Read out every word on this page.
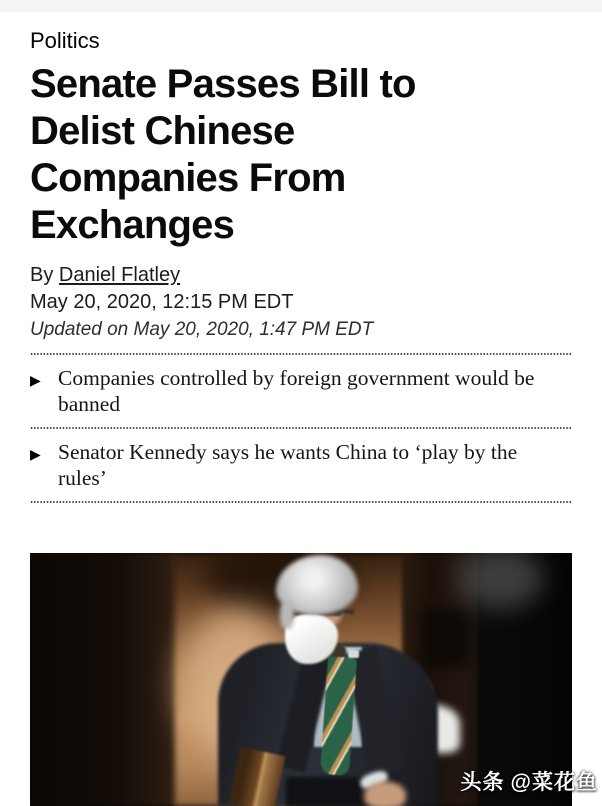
Politics
Senate Passes Bill to
Delist Chinese
Companies From
Exchanges
By Daniel Flatley
May 20, 2020, 12:15 PM EDT
Updated on May 20, 2020, 1:47 PM EDT
▶ Companies controlled by foreign government would be banned
▶ Senator Kennedy says he wants China to ‘play by the rules’
头条 @菜花鱼
